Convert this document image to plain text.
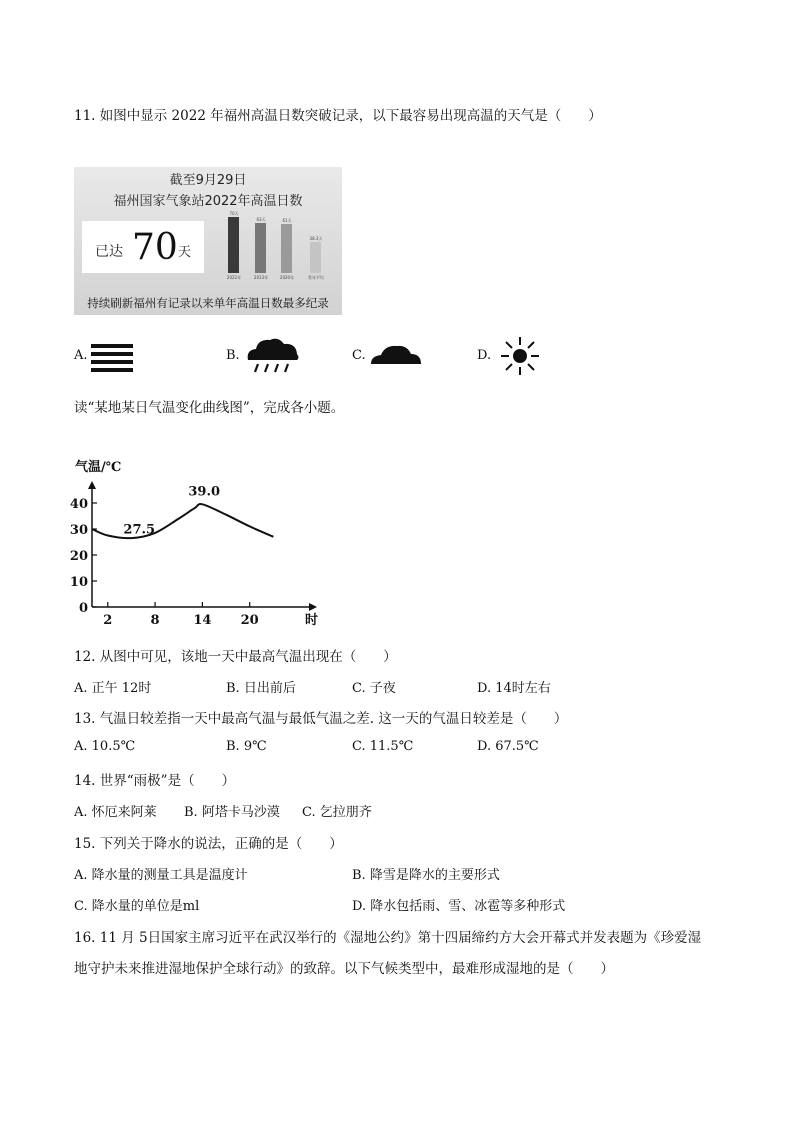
11. 如图中显示 2022 年福州高温日数突破记录，以下最容易出现高温的天气是（　　）
截至9月29日
福州国家气象站2022年高温日数
已达 70 天
70天
2022年
63天
2013年
61天
2020年
38.3天
常年平均
持续刷新福州有记录以来单年高温日数最多纪录
A.	B.	C.	D.
读“某地某日气温变化曲线图”，完成各小题。
0
10
20
30
40
2	8	14 20
气温/℃
时
27.5
39.0
12. 从图中可见，该地一天中最高气温出现在（　　）
A. 正午 12时	B. 日出前后	C. 子夜	D. 14时左右
13. 气温日较差指一天中最高气温与最低气温之差. 这一天的气温日较差是（　　）
A. 10.5℃	B. 9℃	C. 11.5℃	D. 67.5℃
14. 世界“雨极”是（　　）
A. 怀厄来阿莱 B. 阿塔卡马沙漠 C. 乞拉朋齐
15. 下列关于降水的说法，正确的是（　　）
A. 降水量的测量工具是温度计	B. 降雪是降水的主要形式
C. 降水量的单位是ml	D. 降水包括雨、雪、冰雹等多种形式
16. 11 月 5日国家主席习近平在武汉举行的《湿地公约》第十四届缔约方大会开幕式并发表题为《珍爱湿
地守护未来推进湿地保护全球行动》的致辞。以下气候类型中，最难形成湿地的是（　　）
